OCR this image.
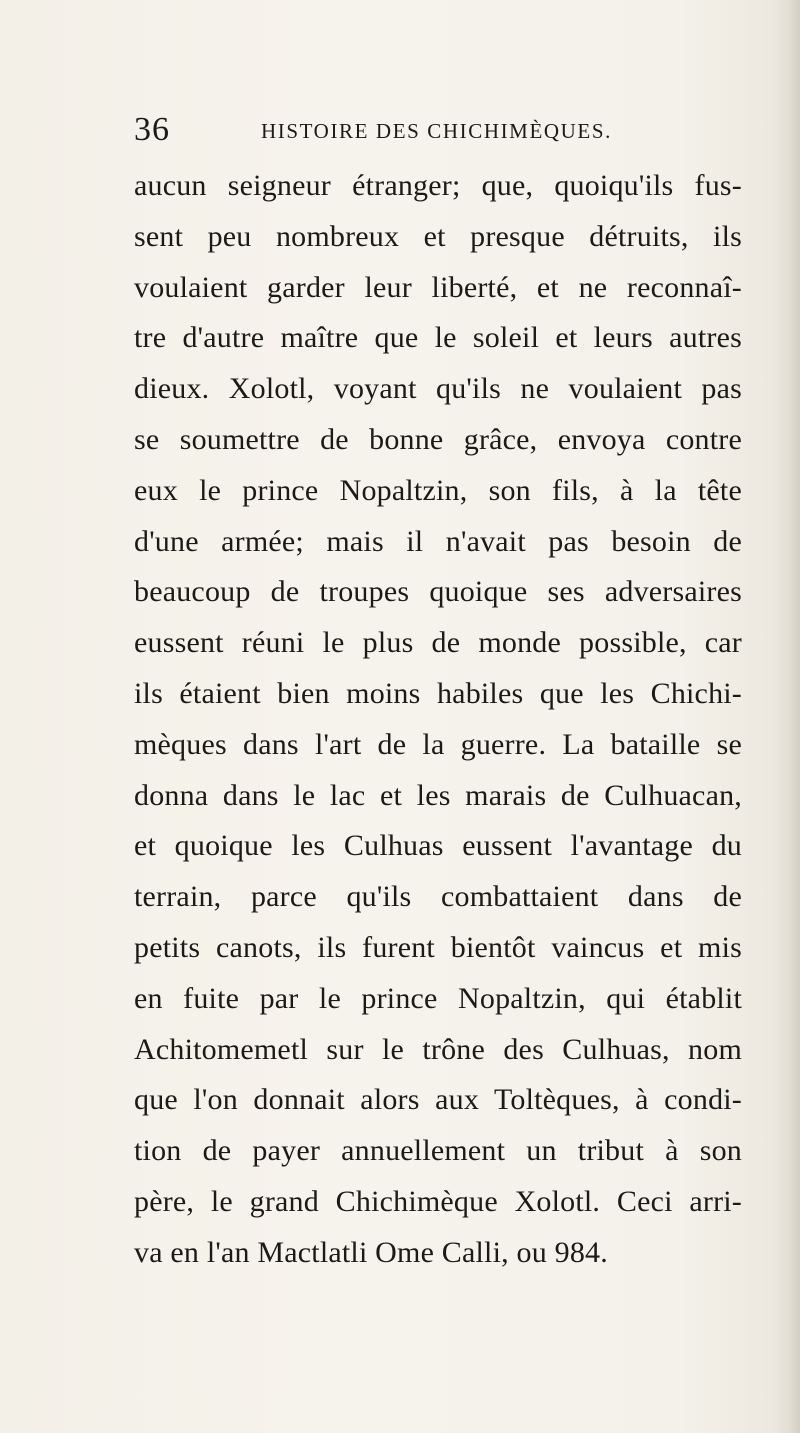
36	HISTOIRE DES CHICHIMÈQUES.
aucun seigneur étranger; que, quoiqu'ils fus-
sent peu nombreux et presque détruits, ils
voulaient garder leur liberté, et ne reconnaî-
tre d'autre maître que le soleil et leurs autres
dieux. Xolotl, voyant qu'ils ne voulaient pas
se soumettre de bonne grâce, envoya contre
eux le prince Nopaltzin, son fils, à la tête
d'une armée; mais il n'avait pas besoin de
beaucoup de troupes quoique ses adversaires
eussent réuni le plus de monde possible, car
ils étaient bien moins habiles que les Chichi-
mèques dans l'art de la guerre. La bataille se
donna dans le lac et les marais de Culhuacan,
et quoique les Culhuas eussent l'avantage du
terrain, parce qu'ils combattaient dans de
petits canots, ils furent bientôt vaincus et mis
en fuite par le prince Nopaltzin, qui établit
Achitomemetl sur le trône des Culhuas, nom
que l'on donnait alors aux Toltèques, à condi-
tion de payer annuellement un tribut à son
père, le grand Chichimèque Xolotl. Ceci arri-
va en l'an Mactlatli Ome Calli, ou 984.
